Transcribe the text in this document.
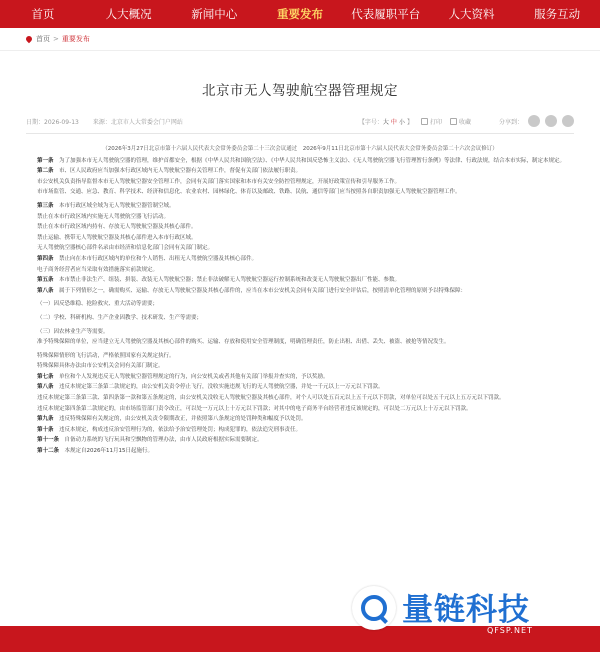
首页	人大概况	新闻中心	重要发布	代表履职平台	人大资料	服务互动
首页 > 重要发布
北京市无人驾驶航空器管理规定
日期：2026-09-13 来源：北京市人大常委会门户网站	【字号： 大 中 小 】	打印	收藏	分享到：

（2026年3月27日北京市第十六届人民代表大会常务委员会第二十三次会议通过　2026年9月11日北京市第十六届人民代表大会常务委员会第二十六次会议修订）

第一条　 为了加强本市无人驾驶航空器的管理，维护首都安全，根据《中华人民共和国航空法》、《中华人民共和国反恐怖主义法》、《无人驾驶航空器飞行管理暂行条例》等法律、行政法规，结合本市实际，制定本规定。

第二条　 市、区人民政府应当加强本行政区域内无人驾驶航空器有关管理工作，督促有关部门依法履行职责。

市公安机关负责指导监督本市无人驾驶航空器安全管理工作，会同有关部门落实国家和本市有关安全防控管理规定，开展好政策宣传和引导服务工作。

市市场监管、交通、应急、教育、科学技术、经济和信息化、农业农村、园林绿化、体育以及邮政、铁路、民航、通信等部门应当按照各自职责加强无人驾驶航空器管理工作。

第三条　 本市行政区域全域为无人驾驶航空器管制空域。

禁止在本市行政区域内实施无人驾驶航空器飞行活动。

禁止在本市行政区域内持有、存放无人驾驶航空器及其核心部件。

禁止运输、携带无人驾驶航空器及其核心部件进入本市行政区域。

无人驾驶航空器核心部件名录由市经济和信息化部门会同有关部门制定。

第四条　 禁止向在本市行政区域内的单位和个人销售、出租无人驾驶航空器及其核心部件。

电子商务经营者应当采取有效措施落实前款规定。

第五条　 本市禁止非法生产、组装、拼装、改装无人驾驶航空器；禁止非法破解无人驾驶航空器运行控制系统和改变无人驾驶航空器出厂性能、参数。

第八条　 属于下列情形之一，确需购买、运输、存放无人驾驶航空器及其核心部件的，应当在本市公安机关会同有关部门进行安全评估后，按照清单化管理的原则予以特殊保障：

（一）因反恐维稳、抢险救灾、重大活动等需要；

（二）学校、科研机构、生产企业因教学、技术研发、生产等需要；

（三）因农林业生产等需要。

准予特殊保障的单位，应当建立无人驾驶航空器及其核心部件的购买、运输、存放和使用安全管理制度，明确管理责任，防止出租、出借、丢失、被盗、被抢等情况发生。

特殊保障情形的飞行活动，严格依照国家有关规定执行。

特殊保障具体办法由市公安机关会同有关部门制定。

第七条　 单位和个人发现违反无人驾驶航空器管理规定的行为，向公安机关或者其他有关部门举报并查实的，予以奖励。

第八条　 违反本规定第三条第二款规定的，由公安机关责令停止飞行，没收实施违规飞行的无人驾驶航空器，并处一千元以上一万元以下罚款。

违反本规定第三条第三款、第四条第一款和第五条规定的，由公安机关没收无人驾驶航空器及其核心部件，对个人可以处五百元以上五千元以下罚款，对单位可以处五千元以上五万元以下罚款。

违反本规定第四条第二款规定的，由市场监管部门责令改正，可以处一万元以上十万元以下罚款；对其中的电子商务平台经营者违反该规定的，可以处二万元以上十万元以下罚款。

第九条　 违反特殊保障有关规定的，由公安机关责令限期改正，并依照第八条规定的处罚种类和幅度予以处罚。

第十条　 违反本规定，构成违反治安管理行为的，依法给予治安管理处罚；构成犯罪的，依法追究刑事责任。

第十一条　 自备动力系统的飞行玩具和空飘物的管理办法，由市人民政府根据实际需要制定。

第十二条　 本规定自2026年11月15日起施行。

量链科技
QFSP.NET
